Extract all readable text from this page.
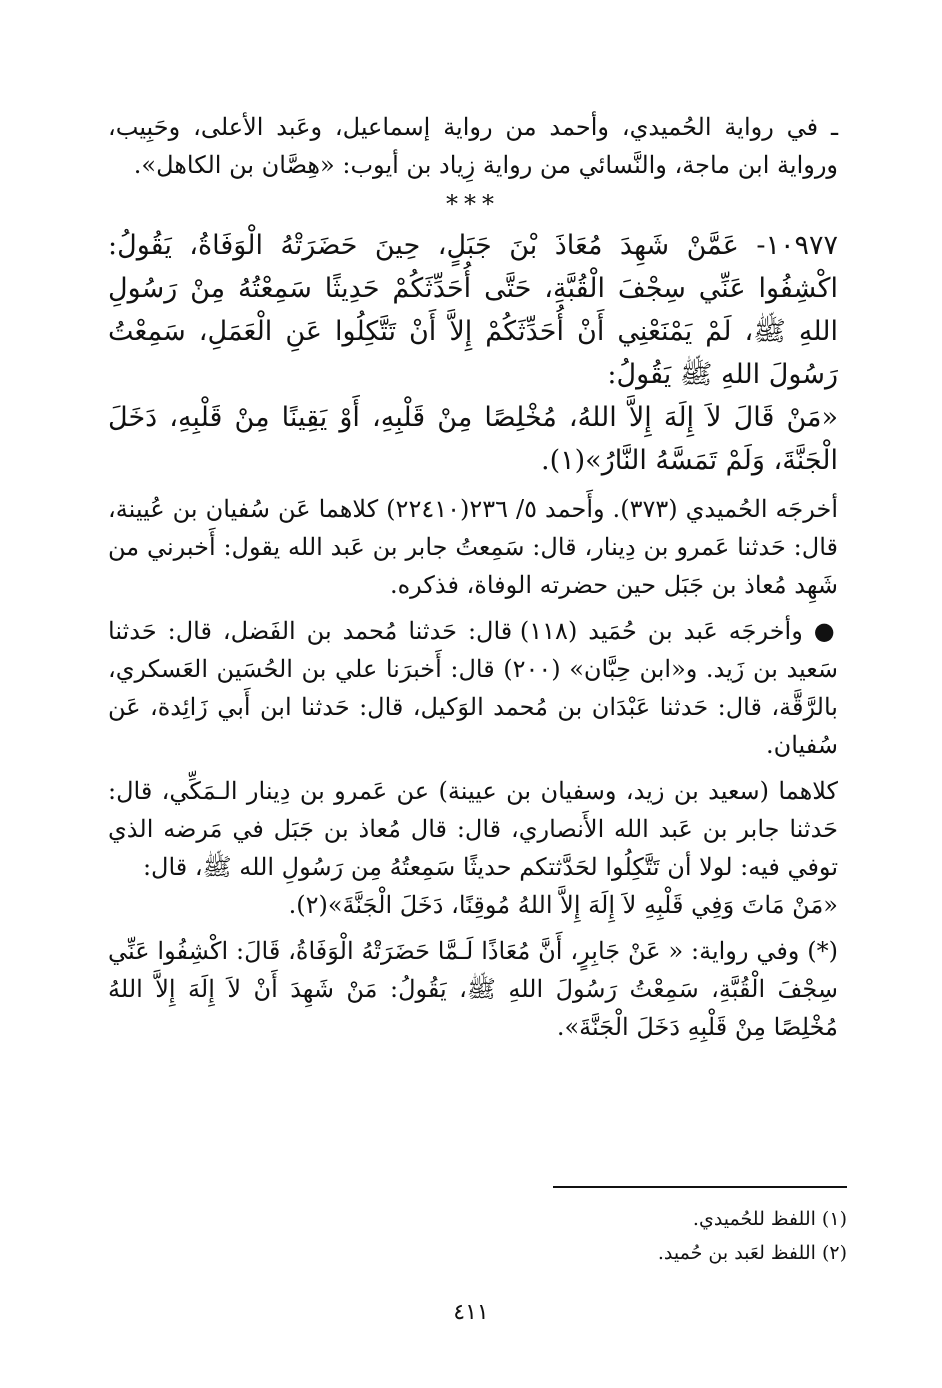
ـ في رواية الحُميدي، وأحمد من رواية إسماعيل، وعَبد الأعلى، وحَبِيب، ورواية ابن ماجة، والنَّسائي من رواية زِياد بن أيوب: «هِصَّان بن الكاهل».

***

١٠٩٧٧- عَمَّنْ شَهِدَ مُعَاذَ بْنَ جَبَلٍ، حِينَ حَضَرَتْهُ الْوَفَاةُ، يَقُولُ: اكْشِفُوا عَنِّي سِجْفَ الْقُبَّةِ، حَتَّى أُحَدِّثَكُمْ حَدِيثًا سَمِعْتُهُ مِنْ رَسُولِ اللهِ ﷺ، لَمْ يَمْنَعْنِي أَنْ أُحَدِّثَكُمْ إِلاَّ أَنْ تَتَّكِلُوا عَنِ الْعَمَلِ، سَمِعْتُ رَسُولَ اللهِ ﷺ يَقُولُ:

«مَنْ قَالَ لاَ إِلَهَ إِلاَّ اللهُ، مُخْلِصًا مِنْ قَلْبِهِ، أَوْ يَقِينًا مِنْ قَلْبِهِ، دَخَلَ الْجَنَّةَ، وَلَمْ تَمَسَّهُ النَّارُ»(١).

أخرجَه الحُميدي (٣٧٣). وأَحمد ٥/ ٢٣٦(٢٢٤١٠) كلاهما عَن سُفيان بن عُيينة، قال: حَدثنا عَمرو بن دِينار، قال: سَمِعتُ جابر بن عَبد الله يقول: أَخبرني من شَهِد مُعاذ بن جَبَل حين حضرته الوفاة، فذكره.

● وأخرجَه عَبد بن حُمَيد (١١٨) قال: حَدثنا مُحمد بن الفَضل، قال: حَدثنا سَعيد بن زَيد. و«ابن حِبَّان» (٢٠٠) قال: أَخبرَنا علي بن الحُسَين العَسكري، بالرَّقَّة، قال: حَدثنا عَبْدَان بن مُحمد الوَكيل، قال: حَدثنا ابن أَبي زَائِدة، عَن سُفيان.

كلاهما (سعيد بن زيد، وسفيان بن عيينة) عن عَمرو بن دِينار الـمَكِّي، قال: حَدثنا جابر بن عَبد الله الأَنصاري، قال: قال مُعاذ بن جَبَل في مَرضه الذي توفي فيه: لولا أن تَتَّكِلُوا لحَدَّثتكم حديثًا سَمِعتُهُ مِن رَسُولِ الله ﷺ، قال:

«مَنْ مَاتَ وَفِي قَلْبِهِ لاَ إِلَهَ إِلاَّ اللهُ مُوقِنًا، دَخَلَ الْجَنَّةَ»(٢).

(*) وفي رواية: « عَنْ جَابِرٍ، أَنَّ مُعَاذًا لَـمَّا حَضَرَتْهُ الْوَفَاةُ، قَالَ: اكْشِفُوا عَنِّي سِجْفَ الْقُبَّةِ، سَمِعْتُ رَسُولَ اللهِ ﷺ، يَقُولُ: مَنْ شَهِدَ أَنْ لاَ إِلَهَ إِلاَّ اللهُ مُخْلِصًا مِنْ قَلْبِهِ دَخَلَ الْجَنَّةَ».

(١) اللفظ للحُميدي.

(٢) اللفظ لعَبد بن حُميد.

٤١١
